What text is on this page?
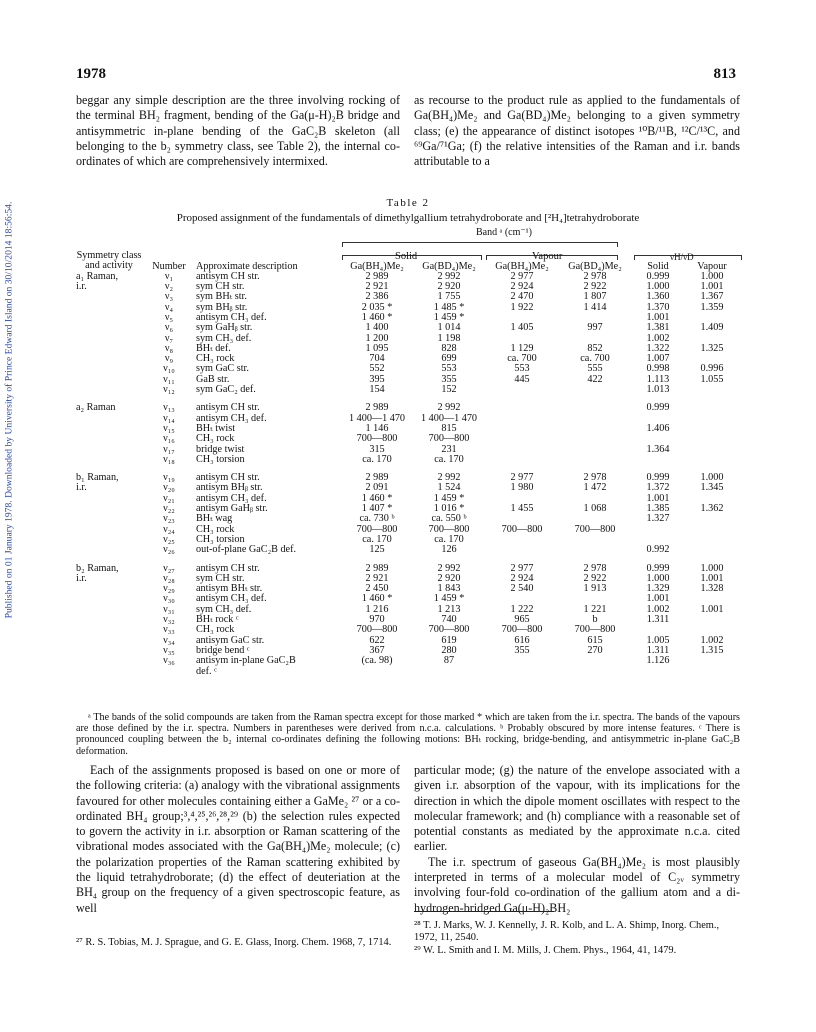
Published on 01 January 1978. Downloaded by University of Prince Edward Island on 30/10/2014 18:56:54.
1978	813

beggar any simple description are the three involving rocking of the terminal BH₂ fragment, bending of the Ga(μ-H)₂B bridge and antisymmetric in-plane bending of the GaC₂B skeleton (all belonging to the b₂ symmetry class, see Table 2), the internal co-ordinates of which are comprehensively intermixed.

as recourse to the product rule as applied to the fundamentals of Ga(BH₄)Me₂ and Ga(BD₄)Me₂ belonging to a given symmetry class; (e) the appearance of distinct isotopes ¹⁰B/¹¹B, ¹²C/¹³C, and ⁶⁹Ga/⁷¹Ga; (f) the relative intensities of the Raman and i.r. bands attributable to a

Table 2
Proposed assignment of the fundamentals of dimethylgallium tetrahydroborate and [²H₄]tetrahydroborate
Band ᵃ (cm⁻¹)
Solid	Vapour	νH/νD
Symmetry class and activity	Number	Approximate description	Ga(BH₄)Me₂	Ga(BD₄)Me₂	Ga(BH₄)Me₂	Ga(BD₄)Me₂	Solid	Vapour
a₁ Raman,	ν₁	antisym CH str.	2 989	2 992	2 977	2 978	0.999	1.000
i.r.	ν₂	sym CH str.	2 921	2 920	2 924	2 922	1.000	1.001
	ν₃	sym BHₜ str.	2 386	1 755	2 470	1 807	1.360	1.367
	ν₄	sym BHᵦ str.	2 035 *	1 485 *	1 922	1 414	1.370	1.359
	ν₅	antisym CH₃ def.	1 460 *	1 459 *			1.001	
	ν₆	sym GaHᵦ str.	1 400	1 014	1 405	997	1.381	1.409
	ν₇	sym CH₃ def.	1 200	1 198			1.002	
	ν₈	BHₜ def.	1 095	828	1 129	852	1.322	1.325
	ν₉	CH₃ rock	704	699	ca. 700	ca. 700	1.007	
	ν₁₀	sym GaC str.	552	553	553	555	0.998	0.996
	ν₁₁	GaB str.	395	355	445	422	1.113	1.055
	ν₁₂	sym GaC₂ def.	154	152			1.013	

a₂ Raman	ν₁₃	antisym CH str.	2 989	2 992			0.999	
	ν₁₄	antisym CH₃ def.	1 400—1 470	1 400—1 470				
	ν₁₅	BHₜ twist	1 146	815			1.406	
	ν₁₆	CH₃ rock	700—800	700—800				
	ν₁₇	bridge twist	315	231			1.364	
	ν₁₈	CH₃ torsion	ca. 170	ca. 170				

b₁ Raman,	ν₁₉	antisym CH str.	2 989	2 992	2 977	2 978	0.999	1.000
i.r.	ν₂₀	antisym BHᵦ str.	2 091	1 524	1 980	1 472	1.372	1.345
	ν₂₁	antisym CH₃ def.	1 460 *	1 459 *			1.001	
	ν₂₂	antisym GaHᵦ str.	1 407 *	1 016 *	1 455	1 068	1.385	1.362
	ν₂₃	BHₜ wag	ca. 730 ᵇ	ca. 550 ᵇ			1.327	
	ν₂₄	CH₃ rock	700—800	700—800	700—800	700—800		
	ν₂₅	CH₃ torsion	ca. 170	ca. 170				
	ν₂₆	out-of-plane GaC₂B def.	125	126			0.992	

b₂ Raman,	ν₂₇	antisym CH str.	2 989	2 992	2 977	2 978	0.999	1.000
i.r.	ν₂₈	sym CH str.	2 921	2 920	2 924	2 922	1.000	1.001
	ν₂₉	antisym BHₜ str.	2 450	1 843	2 540	1 913	1.329	1.328
	ν₃₀	antisym CH₃ def.	1 460 *	1 459 *			1.001	
	ν₃₁	sym CH₃ def.	1 216	1 213	1 222	1 221	1.002	1.001
	ν₃₂	BHₜ rock ᶜ	970	740	965	b	1.311	
	ν₃₃	CH₃ rock	700—800	700—800	700—800	700—800		
	ν₃₄	antisym GaC str.	622	619	616	615	1.005	1.002
	ν₃₅	bridge bend ᶜ	367	280	355	270	1.311	1.315
	ν₃₆	antisym in-plane GaC₂B	(ca. 98)	87			1.126	
		def. ᶜ						

ᵃ The bands of the solid compounds are taken from the Raman spectra except for those marked * which are taken from the i.r. spectra. The bands of the vapours are those defined by the i.r. spectra. Numbers in parentheses were derived from n.c.a. calculations. ᵇ Probably obscured by more intense features. ᶜ There is pronounced coupling between the b₂ internal co-ordinates defining the following motions: BHₜ rocking, bridge-bending, and antisymmetric in-plane GaC₂B deformation.

Each of the assignments proposed is based on one or more of the following criteria: (a) analogy with the vibrational assignments favoured for other molecules containing either a GaMe₂ ²⁷ or a co-ordinated BH₄ group;³,⁴,²⁵,²⁶,²⁸,²⁹ (b) the selection rules expected to govern the activity in i.r. absorption or Raman scattering of the vibrational modes associated with the Ga(BH₄)Me₂ molecule; (c) the polarization properties of the Raman scattering exhibited by the liquid tetrahydroborate; (d) the effect of deuteriation at the BH₄ group on the frequency of a given spectroscopic feature, as well

particular mode; (g) the nature of the envelope associated with a given i.r. absorption of the vapour, with its implications for the direction in which the dipole moment oscillates with respect to the molecular framework; and (h) compliance with a reasonable set of potential constants as mediated by the approximate n.c.a. cited earlier.

The i.r. spectrum of gaseous Ga(BH₄)Me₂ is most plausibly interpreted in terms of a molecular model of C₂ᵥ symmetry involving four-fold co-ordination of the gallium atom and a di-hydrogen-bridged Ga(μ-H)₂BH₂

²⁷ R. S. Tobias, M. J. Sprague, and G. E. Glass, Inorg. Chem. 1968, 7, 1714.
²⁸ T. J. Marks, W. J. Kennelly, J. R. Kolb, and L. A. Shimp, Inorg. Chem., 1972, 11, 2540.
²⁹ W. L. Smith and I. M. Mills, J. Chem. Phys., 1964, 41, 1479.
